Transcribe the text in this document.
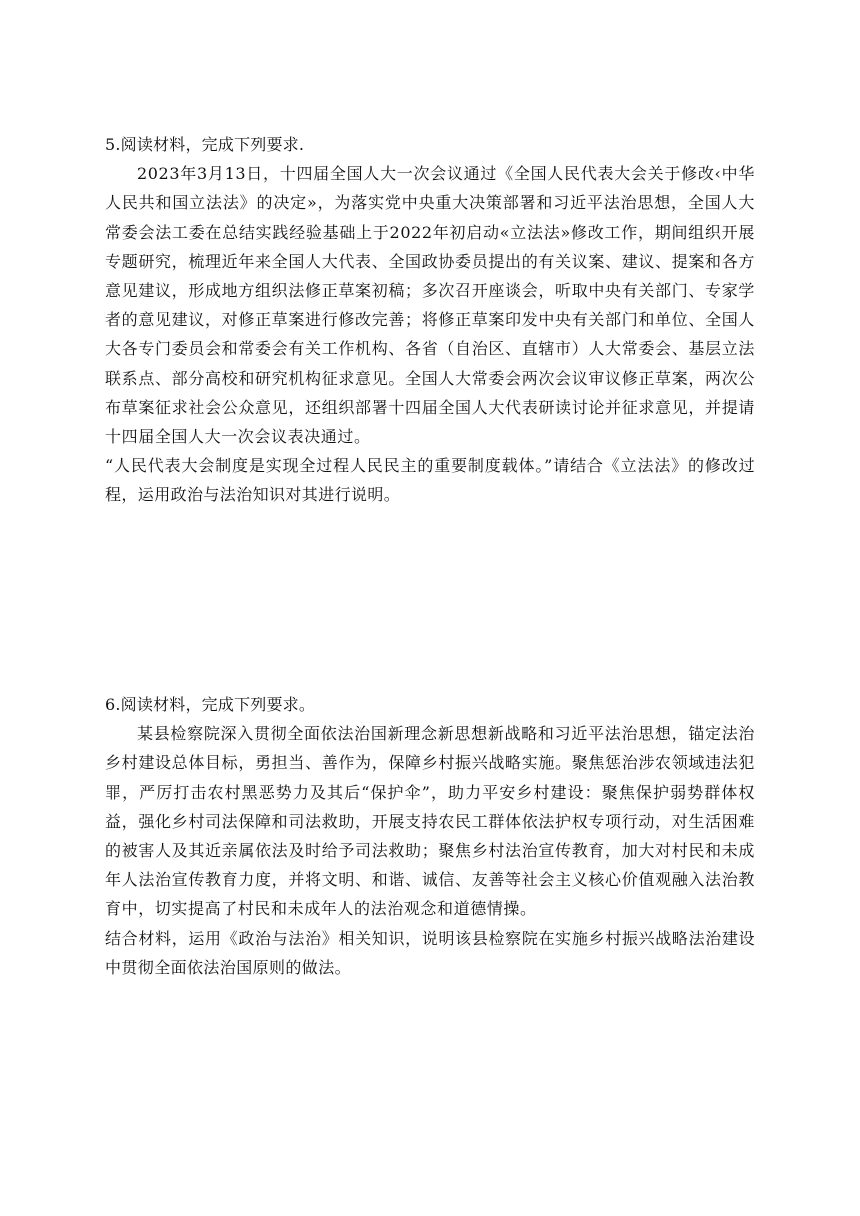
5.阅读材料，完成下列要求.

2023年3月13日，十四届全国人大一次会议通过《全国人民代表大会关于修改‹中华人民共和国立法法》的决定»，为落实党中央重大决策部署和习近平法治思想，全国人大常委会法工委在总结实践经验基础上于2022年初启动«立法法»修改工作，期间组织开展专题研究，梳理近年来全国人大代表、全国政协委员提出的有关议案、建议、提案和各方意见建议，形成地方组织法修正草案初稿；多次召开座谈会，听取中央有关部门、专家学者的意见建议，对修正草案进行修改完善；将修正草案印发中央有关部门和单位、全国人大各专门委员会和常委会有关工作机构、各省（自治区、直辖市）人大常委会、基层立法联系点、部分高校和研究机构征求意见。全国人大常委会两次会议审议修正草案，两次公布草案征求社会公众意见，还组织部署十四届全国人大代表研读讨论并征求意见，并提请十四届全国人大一次会议表决通过。

“人民代表大会制度是实现全过程人民民主的重要制度载体。”请结合《立法法》的修改过程，运用政治与法治知识对其进行说明。

6.阅读材料，完成下列要求。

某县检察院深入贯彻全面依法治国新理念新思想新战略和习近平法治思想，锚定法治乡村建设总体目标，勇担当、善作为，保障乡村振兴战略实施。聚焦惩治涉农领域违法犯罪，严厉打击农村黑恶势力及其后“保护伞”，助力平安乡村建设：聚焦保护弱势群体权益，强化乡村司法保障和司法救助，开展支持农民工群体依法护权专项行动，对生活困难的被害人及其近亲属依法及时给予司法救助；聚焦乡村法治宣传教育，加大对村民和未成年人法治宣传教育力度，并将文明、和谐、诚信、友善等社会主义核心价值观融入法治教育中，切实提高了村民和未成年人的法治观念和道德情操。

结合材料，运用《政治与法治》相关知识，说明该县检察院在实施乡村振兴战略法治建设中贯彻全面依法治国原则的做法。
